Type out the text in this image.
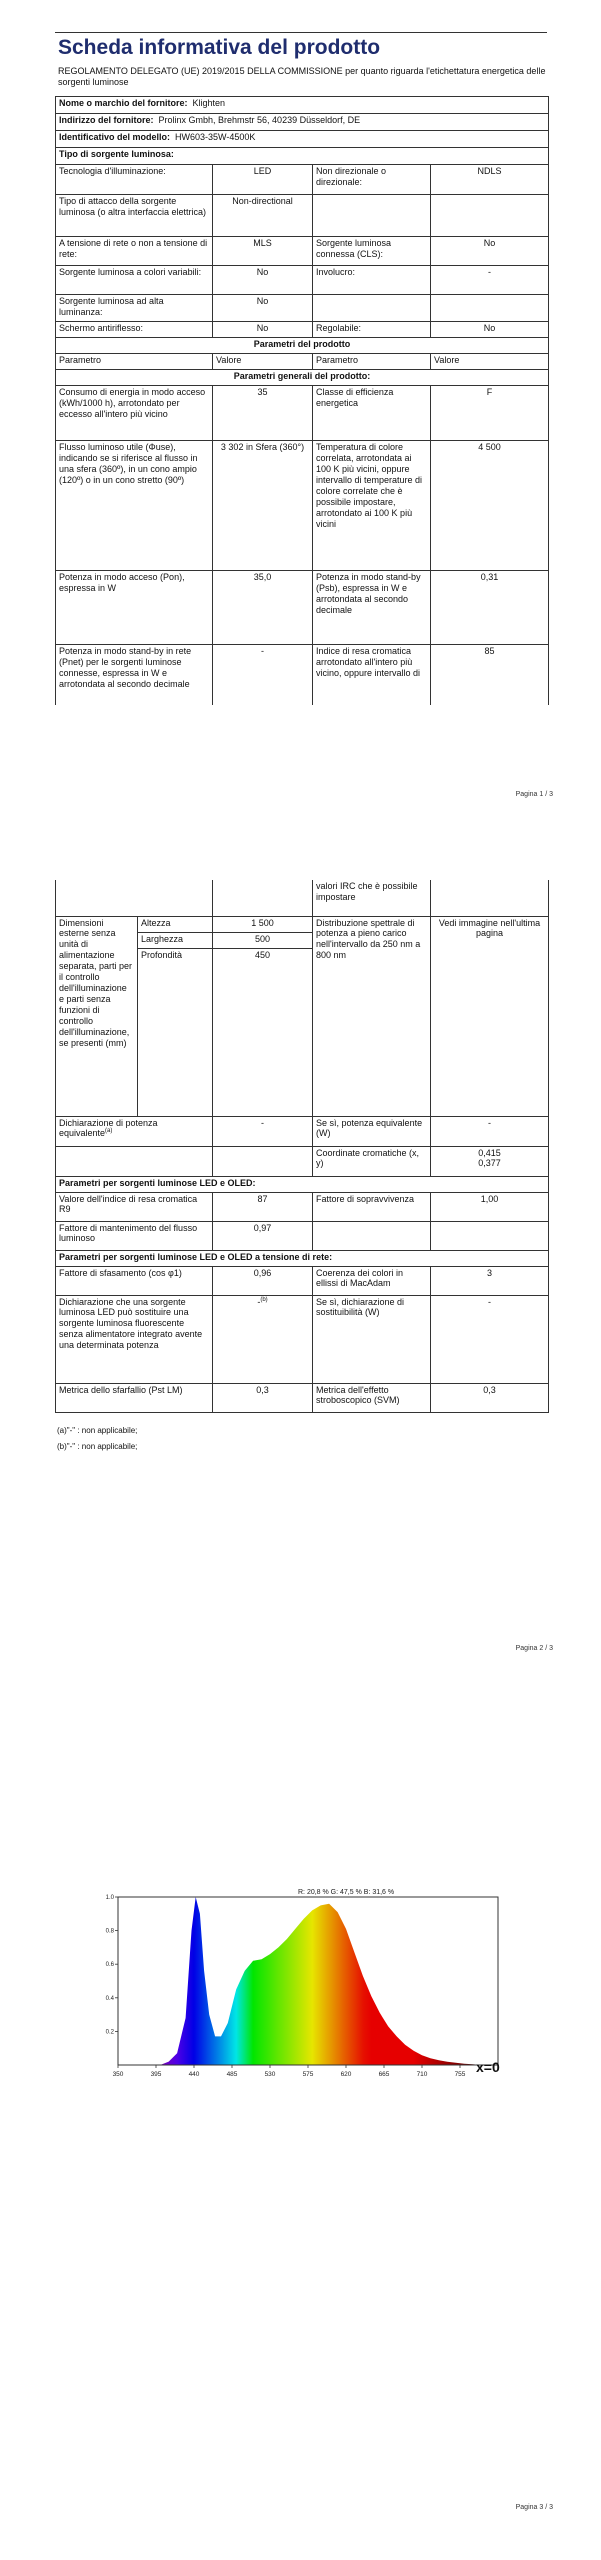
Scheda informativa del prodotto
REGOLAMENTO DELEGATO (UE) 2019/2015 DELLA COMMISSIONE per quanto riguarda l'etichettatura energetica delle sorgenti luminose
Nome o marchio del fornitore: Klighten			
Indirizzo del fornitore: Prolinx Gmbh, Brehmstr 56, 40239 Düsseldorf, DE			
Identificativo del modello: HW603-35W-4500K			
Tipo di sorgente luminosa:			
Tecnologia d'illuminazione:	LED	Non direzionale o direzionale:	NDLS
Tipo di attacco della sorgente luminosa (o altra interfaccia elettrica)	Non-directional		
A tensione di rete o non a tensione di rete:	MLS	Sorgente luminosa connessa (CLS):	No
Sorgente luminosa a colori variabili:	No	Involucro:	-
Sorgente luminosa ad alta luminanza:	No		
Schermo antiriflesso:	No	Regolabile:	No
Parametri del prodotto			
Parametro	Valore	Parametro	Valore
Parametri generali del prodotto:			
Consumo di energia in modo acceso (kWh/1000 h), arrotondato per eccesso all'intero più vicino	35	Classe di efficienza energetica	F
Flusso luminoso utile (Φuse), indicando se si riferisce al flusso in una sfera (360º), in un cono ampio (120º) o in un cono stretto (90º)	3 302 in Sfera (360°)	Temperatura di colore correlata, arrotondata ai 100 K più vicini, oppure intervallo di temperature di colore correlate che è possibile impostare, arrotondato ai 100 K più vicini	4 500
Potenza in modo acceso (Pon), espressa in W	35,0	Potenza in modo stand-by (Psb), espressa in W e arrotondata al secondo decimale	0,31
Potenza in modo stand-by in rete (Pnet) per le sorgenti luminose connesse, espressa in W e arrotondata al secondo decimale	-	Indice di resa cromatica arrotondato all'intero più vicino, oppure intervallo di	85
Pagina 1 / 3
			valori IRC che è possibile impostare	
Dimensioni esterne senza unità di alimentazione separata, parti per il controllo dell'illuminazione e parti senza funzioni di controllo dell'illuminazione, se presenti (mm)	Altezza	1 500	Distribuzione spettrale di potenza a pieno carico nell'intervallo da 250 nm a 800 nm	Vedi immagine nell'ultima pagina
	Larghezza	500		
	Profondità	450		
Dichiarazione di potenza equivalente$^{(a)}$		-	Se sì, potenza equivalente (W)	-
			Coordinate cromatiche (x, y)	0,415
0,377

Parametri per sorgenti luminose LED e OLED:				
Valore dell'indice di resa cromatica R9		87	Fattore di sopravvivenza	1,00
Fattore di mantenimento del flusso luminoso		0,97		
Parametri per sorgenti luminose LED e OLED a tensione di rete:				
Fattore di sfasamento (cos φ1)		0,96	Coerenza dei colori in ellissi di MacAdam	3
Dichiarazione che una sorgente luminosa LED può sostituire una sorgente luminosa fluorescente senza alimentatore integrato avente una determinata potenza		-$^{(b)}$	Se sì, dichiarazione di sostituibilità (W)	-
Metrica dello sfarfallio (Pst LM)		0,3	Metrica dell'effetto stroboscopico (SVM)	0,3
(a)"-" : non applicabile;
(b)"-" : non applicabile;
Pagina 2 / 3
R: 20,8 % G: 47,5 % B: 31,6 %
350	395	440	485	530	575	620	665	710	755
0.2
0.4
0.6
0.8
1.0
x=0
Pagina 3 / 3
